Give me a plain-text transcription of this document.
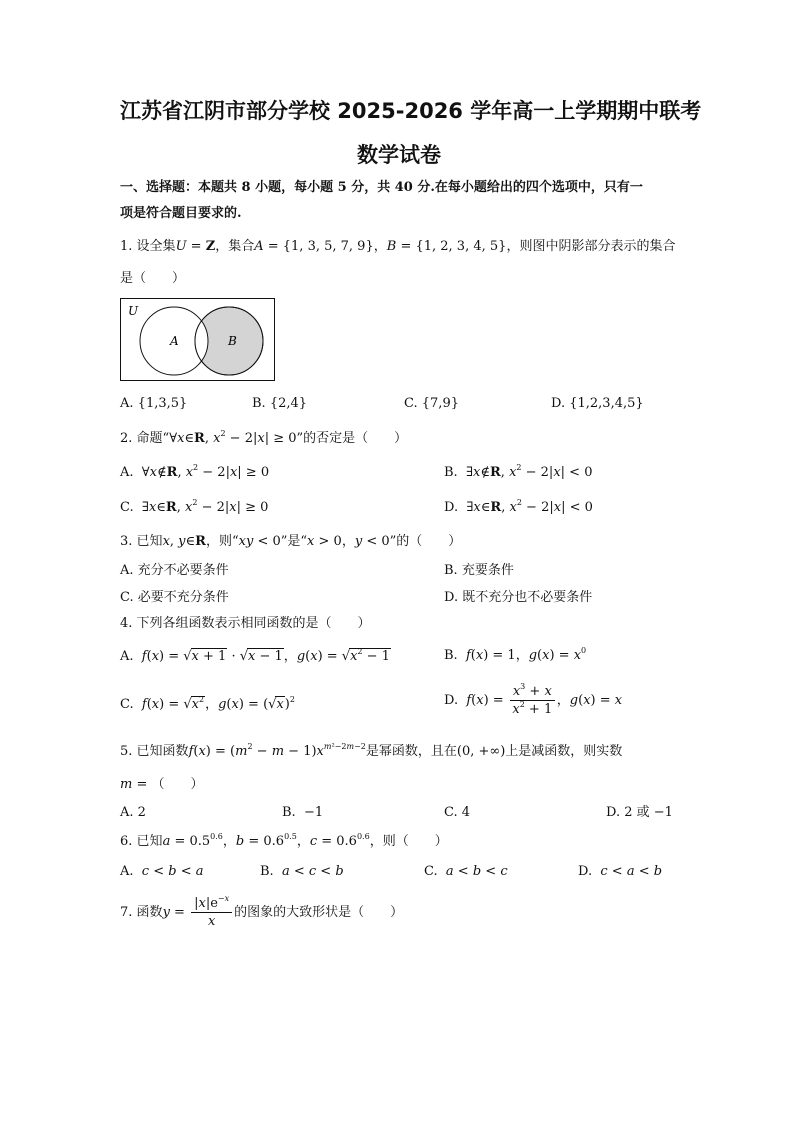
江苏省江阴市部分学校 2025-2026 学年高一上学期期中联考
数学试卷
一、选择题：本题共 8 小题，每小题 5 分，共 40 分.在每小题给出的四个选项中，只有一
项是符合题目要求的.
1. 设全集U = Z，集合A = {1, 3, 5, 7, 9}，B = {1, 2, 3, 4, 5}，则图中阴影部分表示的集合
是（　　）
U
A	B
A. {1,3,5}	B. {2,4}	C. {7,9}	D. {1,2,3,4,5}
2. 命题“∀x∈R, $x^2 - 2|x| \ge 0$”的否定是（　　）
A.  ∀x∉R, $x^2 - 2|x| \ge 0$	B.  ∃x∉R, $x^2 - 2|x| < 0$
C.  ∃x∈R, $x^2 - 2|x| \ge 0$	D.  ∃x∈R, $x^2 - 2|x| < 0$
3. 已知x, y∈R，则“xy < 0”是“x > 0，y < 0”的（　　）
A. 充分不必要条件	B. 充要条件
C. 必要不充分条件	D. 既不充分也不必要条件
4. 下列各组函数表示相同函数的是（　　）
A. f(x) = √x + 1 · √x − 1，$g(x) = √x^2 - 1$	B. f(x) = 1，$g(x) = x^0$
C. $f(x) = √x^2$，$g(x) = (√x)^2$	D. $f(x) = \frac{x^3 + x}{x^2 + 1}$ ，g(x) = x
5. 已知函数$f(x) = (m^2 - m - 1)x^{m^2-2m-2}$是幂函数，且在(0, +∞)上是减函数，则实数
m = （　　）
A. 2	B. −1	C. 4	D. 2 或 −1
6. 已知$a = 0.5^{0.6}$，$b = 0.6^{0.5}$，$c = 0.6^{0.6}$，则（　　）
A. c < b < a	B. a < c < b	C. a < b < c	D. c < a < b
7. 函数$y = \frac{|x|e^{-x}}{x}$ 的图象的大致形状是（　　）
